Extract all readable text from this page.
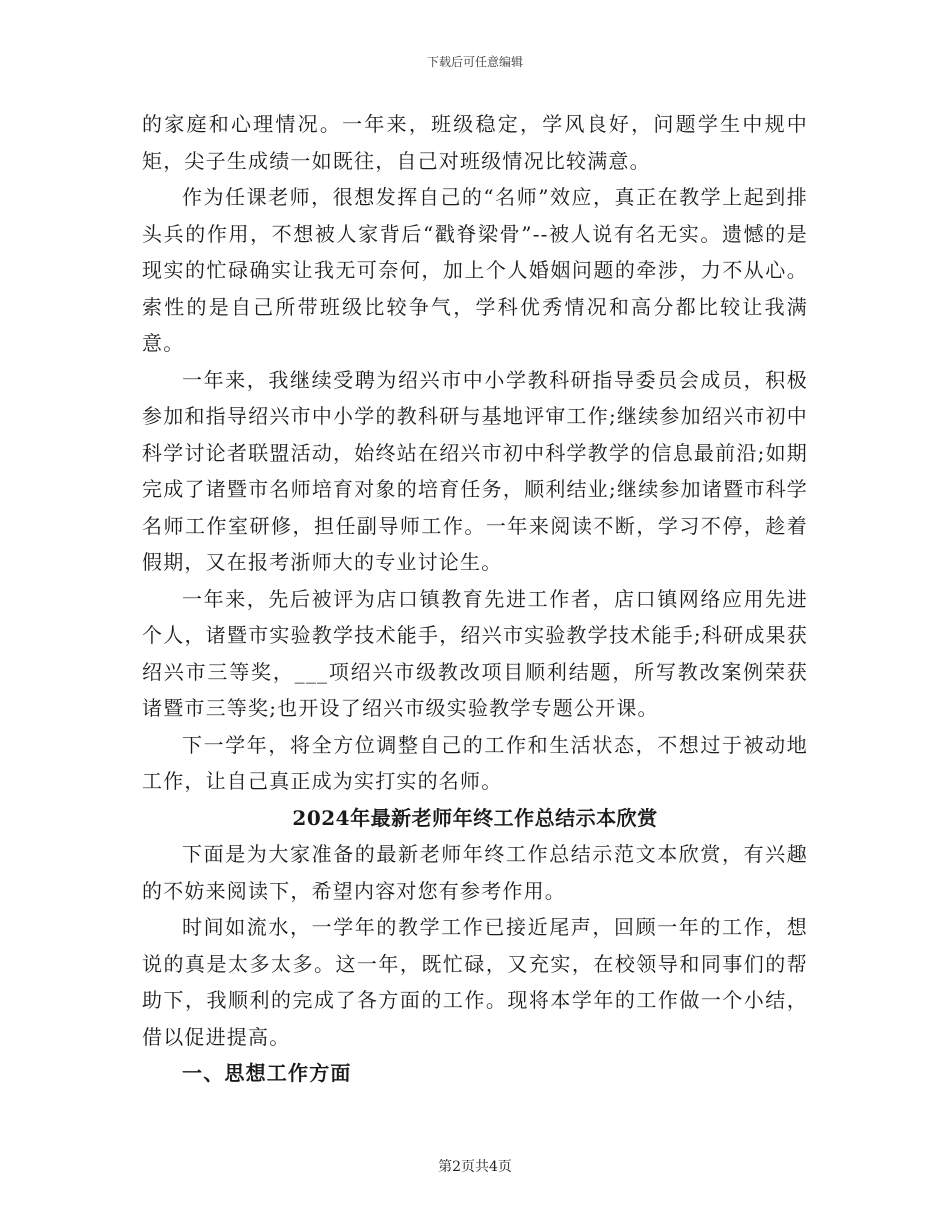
下载后可任意编辑

的家庭和心理情况。一年来，班级稳定，学风良好，问题学生中规中矩，尖子生成绩一如既往，自己对班级情况比较满意。

作为任课老师，很想发挥自己的“名师”效应，真正在教学上起到排头兵的作用，不想被人家背后“戳脊梁骨”--被人说有名无实。遗憾的是现实的忙碌确实让我无可奈何，加上个人婚姻问题的牵涉，力不从心。索性的是自己所带班级比较争气，学科优秀情况和高分都比较让我满意。

一年来，我继续受聘为绍兴市中小学教科研指导委员会成员，积极参加和指导绍兴市中小学的教科研与基地评审工作;继续参加绍兴市初中科学讨论者联盟活动，始终站在绍兴市初中科学教学的信息最前沿;如期完成了诸暨市名师培育对象的培育任务，顺利结业;继续参加诸暨市科学名师工作室研修，担任副导师工作。一年来阅读不断，学习不停，趁着假期，又在报考浙师大的专业讨论生。

一年来，先后被评为店口镇教育先进工作者，店口镇网络应用先进个人，诸暨市实验教学技术能手，绍兴市实验教学技术能手;科研成果获绍兴市三等奖，___项绍兴市级教改项目顺利结题，所写教改案例荣获诸暨市三等奖;也开设了绍兴市级实验教学专题公开课。

下一学年，将全方位调整自己的工作和生活状态，不想过于被动地工作，让自己真正成为实打实的名师。

2024年最新老师年终工作总结示本欣赏

下面是为大家准备的最新老师年终工作总结示范文本欣赏，有兴趣的不妨来阅读下，希望内容对您有参考作用。

时间如流水，一学年的教学工作已接近尾声，回顾一年的工作，想说的真是太多太多。这一年，既忙碌，又充实，在校领导和同事们的帮助下，我顺利的完成了各方面的工作。现将本学年的工作做一个小结，借以促进提高。

一、思想工作方面
第2页共4页
